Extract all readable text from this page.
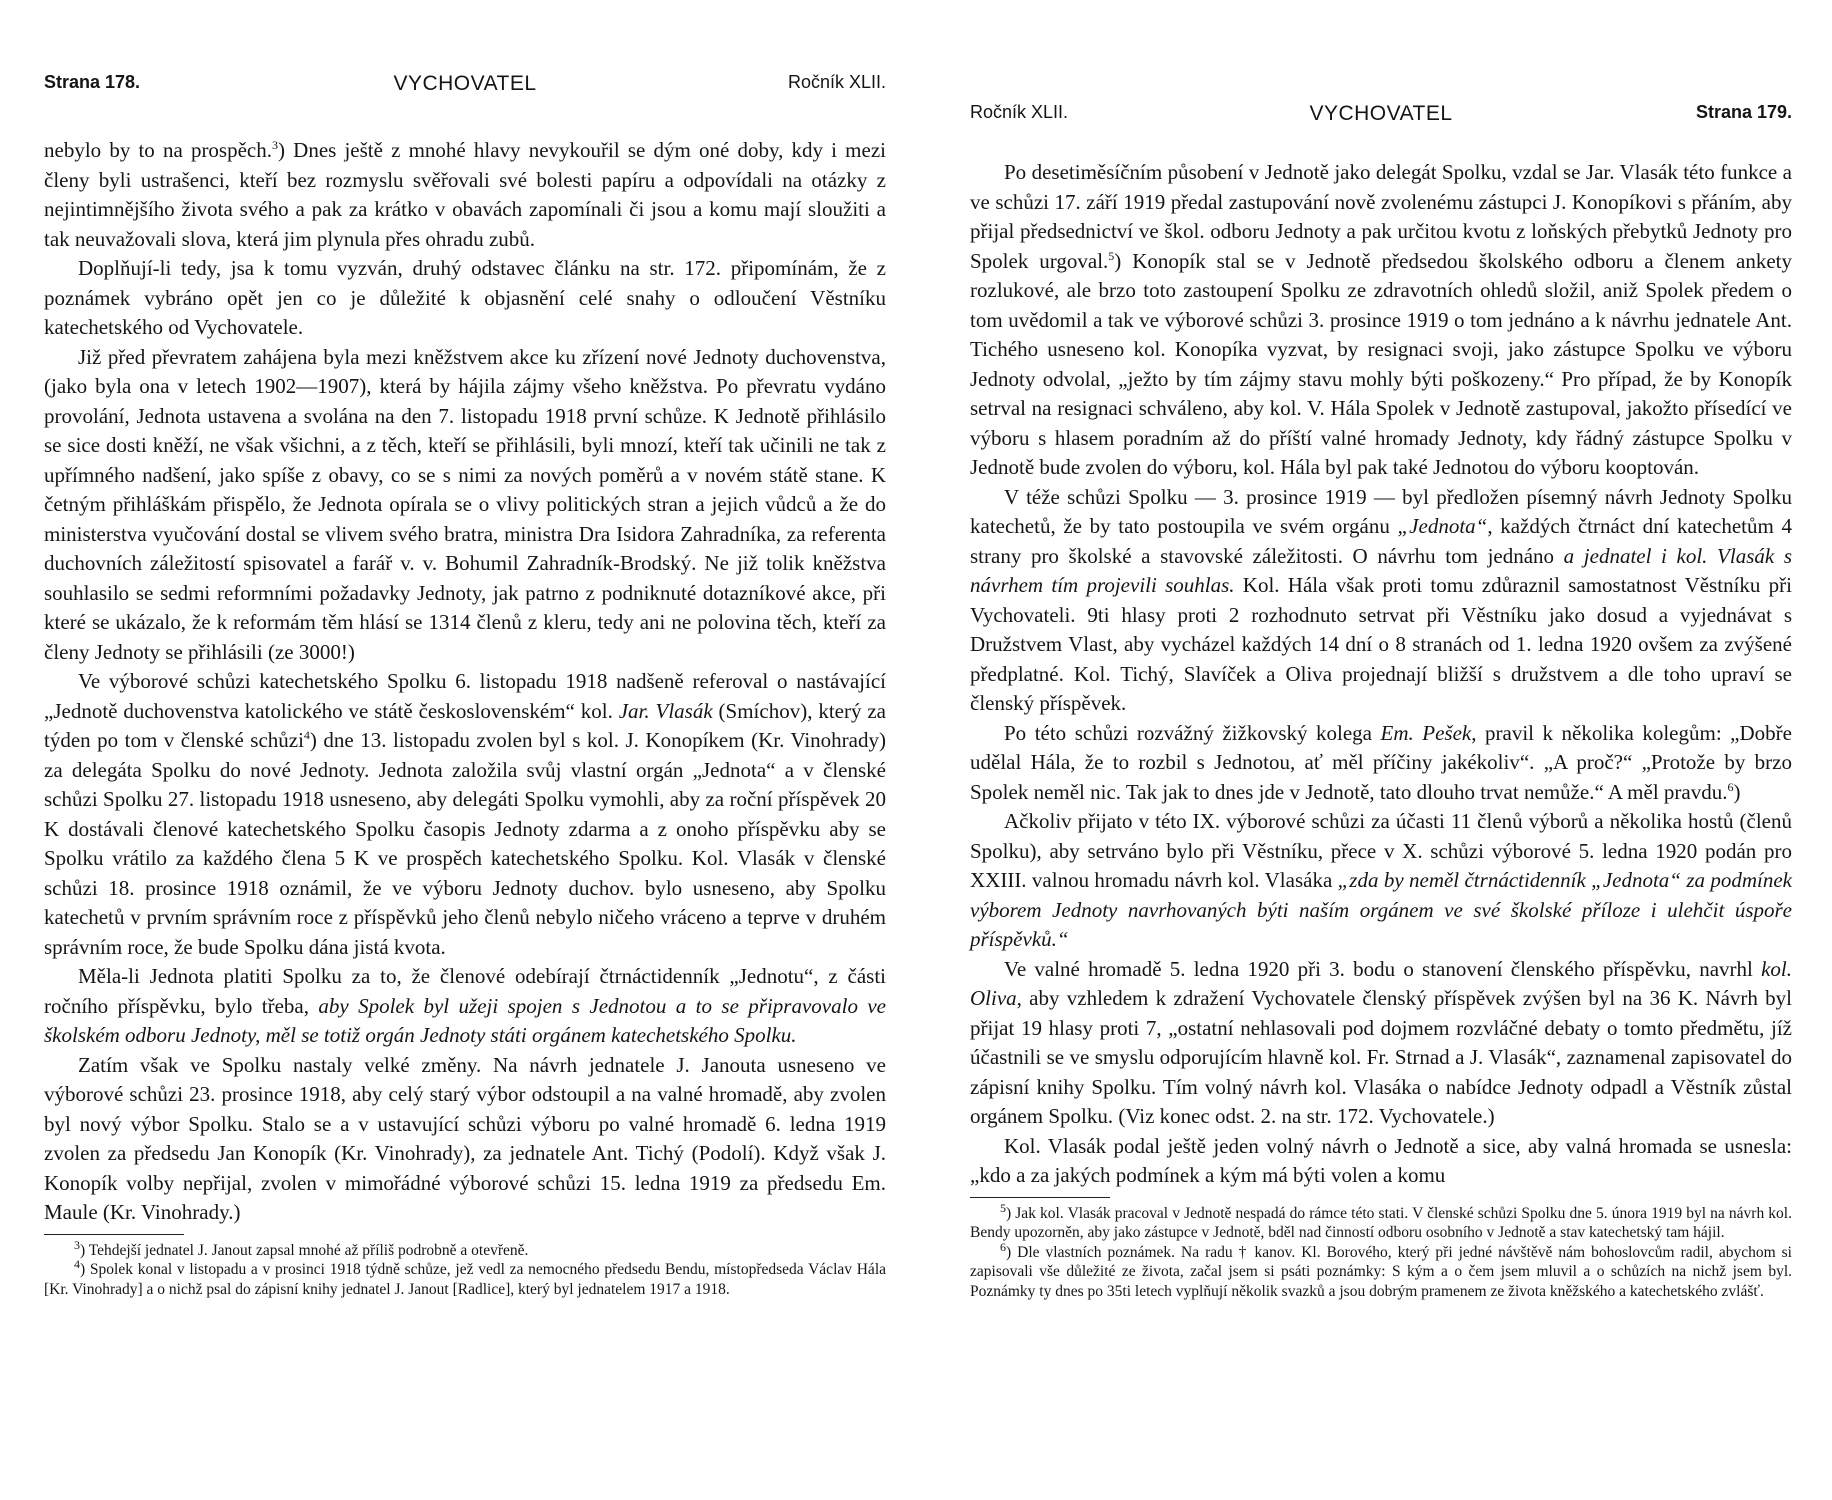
Strana 178.	VYCHOVATEL	Ročník XLII.

nebylo by to na prospěch.$^3$) Dnes ještě z mnohé hlavy nevykouřil se dým oné doby, kdy i mezi členy byli ustrašenci, kteří bez rozmyslu svěřovali své bolesti papíru a odpovídali na otázky z nejintimnějšího života svého a pak za krátko v obavách zapomínali či jsou a komu mají sloužiti a tak neuvažovali slova, která jim plynula přes ohradu zubů.

Doplňují-li tedy, jsa k tomu vyzván, druhý odstavec článku na str. 172. připomínám, že z poznámek vybráno opět jen co je důležité k objasnění celé snahy o odloučení Věstníku katechetského od Vychovatele.

Již před převratem zahájena byla mezi kněžstvem akce ku zřízení nové Jednoty duchovenstva, (jako byla ona v letech 1902—1907), která by hájila zájmy všeho kněžstva. Po převratu vydáno provolání, Jednota ustavena a svolána na den 7. listopadu 1918 první schůze. K Jednotě přihlásilo se sice dosti kněží, ne však všichni, a z těch, kteří se přihlásili, byli mnozí, kteří tak učinili ne tak z upřímného nadšení, jako spíše z obavy, co se s nimi za nových poměrů a v novém státě stane. K četným přihláškám přispělo, že Jednota opírala se o vlivy politických stran a jejich vůdců a že do ministerstva vyučování dostal se vlivem svého bratra, ministra Dra Isidora Zahradníka, za referenta duchovních záležitostí spisovatel a farář v. v. Bohumil Zahradník-Brodský. Ne již tolik kněžstva souhlasilo se sedmi reformními požadavky Jednoty, jak patrno z podniknuté dotazníkové akce, při které se ukázalo, že k reformám těm hlásí se 1314 členů z kleru, tedy ani ne polovina těch, kteří za členy Jednoty se přihlásili (ze 3000!)

Ve výborové schůzi katechetského Spolku 6. listopadu 1918 nadšeně referoval o nastávající „Jednotě duchovenstva katolického ve státě československém“ kol. Jar. Vlasák (Smíchov), který za týden po tom v členské schůzi$^4$) dne 13. listopadu zvolen byl s kol. J. Konopíkem (Kr. Vinohrady) za delegáta Spolku do nové Jednoty. Jednota založila svůj vlastní orgán „Jednota“ a v členské schůzi Spolku 27. listopadu 1918 usneseno, aby delegáti Spolku vymohli, aby za roční příspěvek 20 K dostávali členové katechetského Spolku časopis Jednoty zdarma a z onoho příspěvku aby se Spolku vrátilo za každého člena 5 K ve prospěch katechetského Spolku. Kol. Vlasák v členské schůzi 18. prosince 1918 oznámil, že ve výboru Jednoty duchov. bylo usneseno, aby Spolku katechetů v prvním správním roce z příspěvků jeho členů nebylo ničeho vráceno a teprve v druhém správním roce, že bude Spolku dána jistá kvota.

Měla-li Jednota platiti Spolku za to, že členové odebírají čtrnáctidenník „Jednotu“, z části ročního příspěvku, bylo třeba, aby Spolek byl užeji spojen s Jednotou a to se připravovalo ve školském odboru Jednoty, měl se totiž orgán Jednoty státi orgánem katechetského Spolku.

Zatím však ve Spolku nastaly velké změny. Na návrh jednatele J. Janouta usneseno ve výborové schůzi 23. prosince 1918, aby celý starý výbor odstoupil a na valné hromadě, aby zvolen byl nový výbor Spolku. Stalo se a v ustavující schůzi výboru po valné hromadě 6. ledna 1919 zvolen za předsedu Jan Konopík (Kr. Vinohrady), za jednatele Ant. Tichý (Podolí). Když však J. Konopík volby nepřijal, zvolen v mimořádné výborové schůzi 15. ledna 1919 za předsedu Em. Maule (Kr. Vinohrady.)

$^3$) Tehdejší jednatel J. Janout zapsal mnohé až příliš podrobně a otevřeně.

$^4$) Spolek konal v listopadu a v prosinci 1918 týdně schůze, jež vedl za nemocného předsedu Bendu, místopředseda Václav Hála [Kr. Vinohrady] a o nichž psal do zápisní knihy jednatel J. Janout [Radlice], který byl jednatelem 1917 a 1918.

Ročník XLII.	VYCHOVATEL	Strana 179.

Po desetiměsíčním působení v Jednotě jako delegát Spolku, vzdal se Jar. Vlasák této funkce a ve schůzi 17. září 1919 předal zastupování nově zvolenému zástupci J. Konopíkovi s přáním, aby přijal předsednictví ve škol. odboru Jednoty a pak určitou kvotu z loňských přebytků Jednoty pro Spolek urgoval.$^5$) Konopík stal se v Jednotě předsedou školského odboru a členem ankety rozlukové, ale brzo toto zastoupení Spolku ze zdravotních ohledů složil, aniž Spolek předem o tom uvědomil a tak ve výborové schůzi 3. prosince 1919 o tom jednáno a k návrhu jednatele Ant. Tichého usneseno kol. Konopíka vyzvat, by resignaci svoji, jako zástupce Spolku ve výboru Jednoty odvolal, „ježto by tím zájmy stavu mohly býti poškozeny.“ Pro případ, že by Konopík setrval na resignaci schváleno, aby kol. V. Hála Spolek v Jednotě zastupoval, jakožto přísedící ve výboru s hlasem poradním až do příští valné hromady Jednoty, kdy řádný zástupce Spolku v Jednotě bude zvolen do výboru, kol. Hála byl pak také Jednotou do výboru kooptován.

V téže schůzi Spolku — 3. prosince 1919 — byl předložen písemný návrh Jednoty Spolku katechetů, že by tato postoupila ve svém orgánu „Jednota“, každých čtrnáct dní katechetům 4 strany pro školské a stavovské záležitosti. O návrhu tom jednáno a jednatel i kol. Vlasák s návrhem tím projevili souhlas. Kol. Hála však proti tomu zdůraznil samostatnost Věstníku při Vychovateli. 9ti hlasy proti 2 rozhodnuto setrvat při Věstníku jako dosud a vyjednávat s Družstvem Vlast, aby vycházel každých 14 dní o 8 stranách od 1. ledna 1920 ovšem za zvýšené předplatné. Kol. Tichý, Slavíček a Oliva projednají bližší s družstvem a dle toho upraví se členský příspěvek.

Po této schůzi rozvážný žižkovský kolega Em. Pešek, pravil k několika kolegům: „Dobře udělal Hála, že to rozbil s Jednotou, ať měl příčiny jakékoliv“. „A proč?“ „Protože by brzo Spolek neměl nic. Tak jak to dnes jde v Jednotě, tato dlouho trvat nemůže.“ A měl pravdu.$^6$)

Ačkoliv přijato v této IX. výborové schůzi za účasti 11 členů výborů a několika hostů (členů Spolku), aby setrváno bylo při Věstníku, přece v X. schůzi výborové 5. ledna 1920 podán pro XXIII. valnou hromadu návrh kol. Vlasáka „zda by neměl čtrnáctidenník „Jednota“ za podmínek výborem Jednoty navrhovaných býti naším orgánem ve své školské příloze i ulehčit úspoře příspěvků.“

Ve valné hromadě 5. ledna 1920 při 3. bodu o stanovení členského příspěvku, navrhl kol. Oliva, aby vzhledem k zdražení Vychovatele členský příspěvek zvýšen byl na 36 K. Návrh byl přijat 19 hlasy proti 7, „ostatní nehlasovali pod dojmem rozvláčné debaty o tomto předmětu, jíž účastnili se ve smyslu odporujícím hlavně kol. Fr. Strnad a J. Vlasák“, zaznamenal zapisovatel do zápisní knihy Spolku. Tím volný návrh kol. Vlasáka o nabídce Jednoty odpadl a Věstník zůstal orgánem Spolku. (Viz konec odst. 2. na str. 172. Vychovatele.)

Kol. Vlasák podal ještě jeden volný návrh o Jednotě a sice, aby valná hromada se usnesla: „kdo a za jakých podmínek a kým má býti volen a komu

$^5$) Jak kol. Vlasák pracoval v Jednotě nespadá do rámce této stati. V členské schůzi Spolku dne 5. února 1919 byl na návrh kol. Bendy upozorněn, aby jako zástupce v Jednotě, bděl nad činností odboru osobního v Jednotě a stav katechetský tam hájil.

$^6$) Dle vlastních poznámek. Na radu † kanov. Kl. Borového, který při jedné návštěvě nám bohoslovcům radil, abychom si zapisovali vše důležité ze života, začal jsem si psáti poznámky: S kým a o čem jsem mluvil a o schůzích na nichž jsem byl. Poznámky ty dnes po 35ti letech vyplňují několik svazků a jsou dobrým pramenem ze života kněžského a katechetského zvlášť.
